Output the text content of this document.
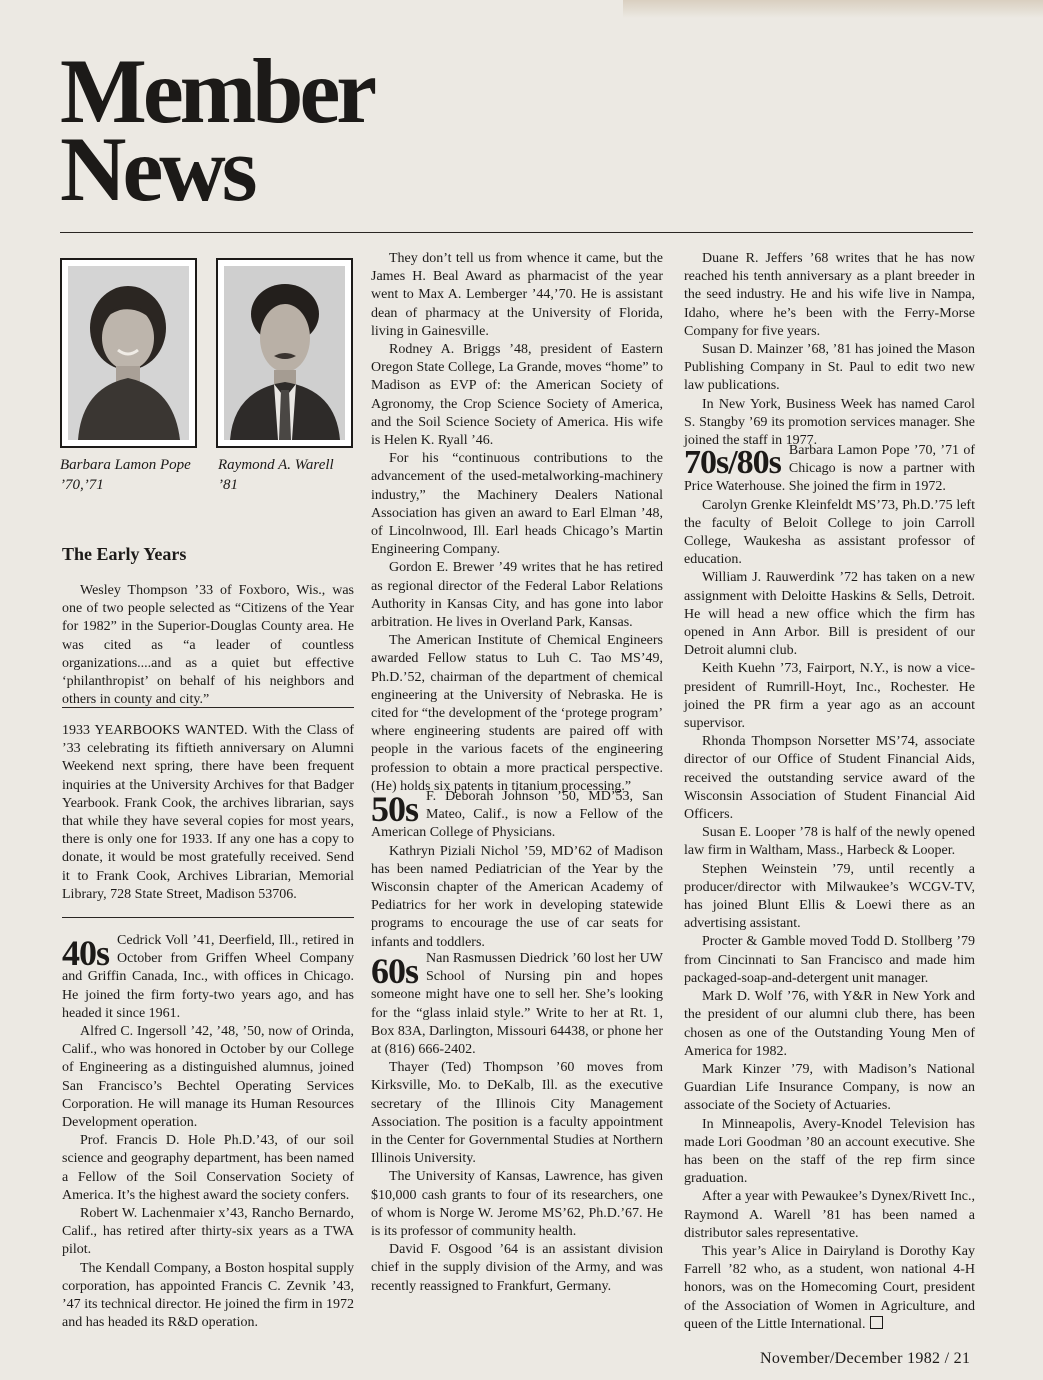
Member
News
Barbara Lamon Pope
’70,’71
Raymond A. Warell
’81
The Early Years

Wesley Thompson ’33 of Foxboro, Wis., was one of two people selected as “Citizens of the Year for 1982” in the Superior-Douglas County area. He was cited as “a leader of countless organizations....and as a quiet but effective ‘philanthropist’ on behalf of his neighbors and others in county and city.”

1933 YEARBOOKS WANTED. With the Class of ’33 celebrating its fiftieth anniversary on Alumni Weekend next spring, there have been frequent inquiries at the University Archives for that Badger Yearbook. Frank Cook, the archives librarian, says that while they have several copies for most years, there is only one for 1933. If any one has a copy to donate, it would be most gratefully received. Send it to Frank Cook, Archives Librarian, Memorial Library, 728 State Street, Madison 53706.

40s Cedrick Voll ’41, Deerfield, Ill., retired in October from Griffen Wheel Company and Griffin Canada, Inc., with offices in Chicago. He joined the firm forty-two years ago, and has headed it since 1961.

Alfred C. Ingersoll ’42, ’48, ’50, now of Orinda, Calif., who was honored in October by our College of Engineering as a distinguished alumnus, joined San Francisco’s Bechtel Operating Services Corporation. He will manage its Human Resources Development operation.

Prof. Francis D. Hole Ph.D.’43, of our soil science and geography department, has been named a Fellow of the Soil Conservation Society of America. It’s the highest award the society confers.

Robert W. Lachenmaier x’43, Rancho Bernardo, Calif., has retired after thirty-six years as a TWA pilot.

The Kendall Company, a Boston hospital supply corporation, has appointed Francis C. Zevnik ’43, ’47 its technical director. He joined the firm in 1972 and has headed its R&D operation.

They don’t tell us from whence it came, but the James H. Beal Award as pharmacist of the year went to Max A. Lemberger ’44,’70. He is assistant dean of pharmacy at the University of Florida, living in Gainesville.

Rodney A. Briggs ’48, president of Eastern Oregon State College, La Grande, moves “home” to Madison as EVP of: the American Society of Agronomy, the Crop Science Society of America, and the Soil Science Society of America. His wife is Helen K. Ryall ’46.

For his “continuous contributions to the advancement of the used-metalworking-machinery industry,” the Machinery Dealers National Association has given an award to Earl Elman ’48, of Lincolnwood, Ill. Earl heads Chicago’s Martin Engineering Company.

Gordon E. Brewer ’49 writes that he has retired as regional director of the Federal Labor Relations Authority in Kansas City, and has gone into labor arbitration. He lives in Overland Park, Kansas.

The American Institute of Chemical Engineers awarded Fellow status to Luh C. Tao MS’49, Ph.D.’52, chairman of the department of chemical engineering at the University of Nebraska. He is cited for “the development of the ‘protege program’ where engineering students are paired off with people in the various facets of the engineering profession to obtain a more practical perspective. (He) holds six patents in titanium processing.”

50s F. Deborah Johnson ’50, MD’53, San Mateo, Calif., is now a Fellow of the American College of Physicians.

Kathryn Piziali Nichol ’59, MD’62 of Madison has been named Pediatrician of the Year by the Wisconsin chapter of the American Academy of Pediatrics for her work in developing statewide programs to encourage the use of car seats for infants and toddlers.

60s Nan Rasmussen Diedrick ’60 lost her UW School of Nursing pin and hopes someone might have one to sell her. She’s looking for the “glass inlaid style.” Write to her at Rt. 1, Box 83A, Darlington, Missouri 64438, or phone her at (816) 666-2402.

Thayer (Ted) Thompson ’60 moves from Kirksville, Mo. to DeKalb, Ill. as the executive secretary of the Illinois City Management Association. The position is a faculty appointment in the Center for Governmental Studies at Northern Illinois University.

The University of Kansas, Lawrence, has given $10,000 cash grants to four of its researchers, one of whom is Norge W. Jerome MS’62, Ph.D.’67. He is its professor of community health.

David F. Osgood ’64 is an assistant division chief in the supply division of the Army, and was recently reassigned to Frankfurt, Germany.

Duane R. Jeffers ’68 writes that he has now reached his tenth anniversary as a plant breeder in the seed industry. He and his wife live in Nampa, Idaho, where he’s been with the Ferry-Morse Company for five years.

Susan D. Mainzer ’68, ’81 has joined the Mason Publishing Company in St. Paul to edit two new law publications.

In New York, Business Week has named Carol S. Stangby ’69 its promotion services manager. She joined the staff in 1977.

70s/80s Barbara Lamon Pope ’70, ’71 of Chicago is now a partner with Price Waterhouse. She joined the firm in 1972.

Carolyn Grenke Kleinfeldt MS’73, Ph.D.’75 left the faculty of Beloit College to join Carroll College, Waukesha as assistant professor of education.

William J. Rauwerdink ’72 has taken on a new assignment with Deloitte Haskins & Sells, Detroit. He will head a new office which the firm has opened in Ann Arbor. Bill is president of our Detroit alumni club.

Keith Kuehn ’73, Fairport, N.Y., is now a vice-president of Rumrill-Hoyt, Inc., Rochester. He joined the PR firm a year ago as an account supervisor.

Rhonda Thompson Norsetter MS’74, associate director of our Office of Student Financial Aids, received the outstanding service award of the Wisconsin Association of Student Financial Aid Officers.

Susan E. Looper ’78 is half of the newly opened law firm in Waltham, Mass., Harbeck & Looper.

Stephen Weinstein ’79, until recently a producer/director with Milwaukee’s WCGV-TV, has joined Blunt Ellis & Loewi there as an advertising assistant.

Procter & Gamble moved Todd D. Stollberg ’79 from Cincinnati to San Francisco and made him packaged-soap-and-detergent unit manager.

Mark D. Wolf ’76, with Y&R in New York and the president of our alumni club there, has been chosen as one of the Outstanding Young Men of America for 1982.

Mark Kinzer ’79, with Madison’s National Guardian Life Insurance Company, is now an associate of the Society of Actuaries.

In Minneapolis, Avery-Knodel Television has made Lori Goodman ’80 an account executive. She has been on the staff of the rep firm since graduation.

After a year with Pewaukee’s Dynex/Rivett Inc., Raymond A. Warell ’81 has been named a distributor sales representative.

This year’s Alice in Dairyland is Dorothy Kay Farrell ’82 who, as a student, won national 4-H honors, was on the Homecoming Court, president of the Association of Women in Agriculture, and queen of the Little International.

November/December 1982 / 21
